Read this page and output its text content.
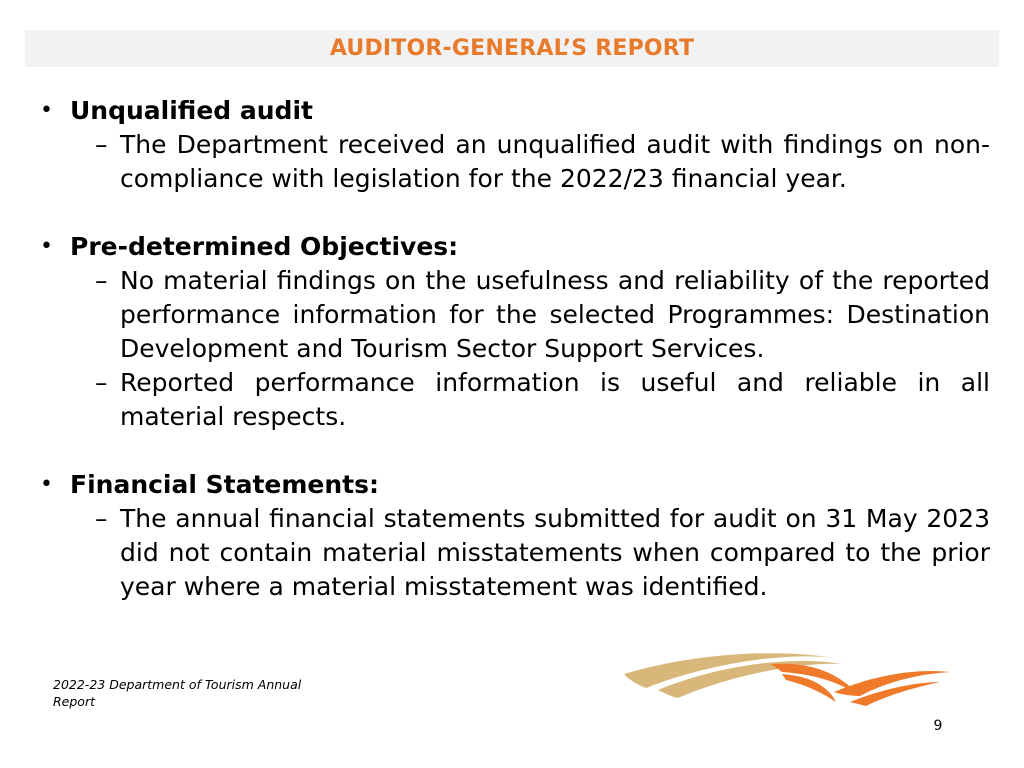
AUDITOR-GENERAL’S REPORT
• Unqualified audit
– The Department received an unqualified audit with findings on non-compliance with legislation for the 2022/23 financial year.
• Pre-determined Objectives:
– No material findings on the usefulness and reliability of the reported performance information for the selected Programmes: Destination Development and Tourism Sector Support Services.
– Reported performance information is useful and reliable in all material respects.
• Financial Statements:
– The annual financial statements submitted for audit on 31 May 2023 did not contain material misstatements when compared to the prior year where a material misstatement was identified.
2022-23 Department of Tourism Annual Report
9
